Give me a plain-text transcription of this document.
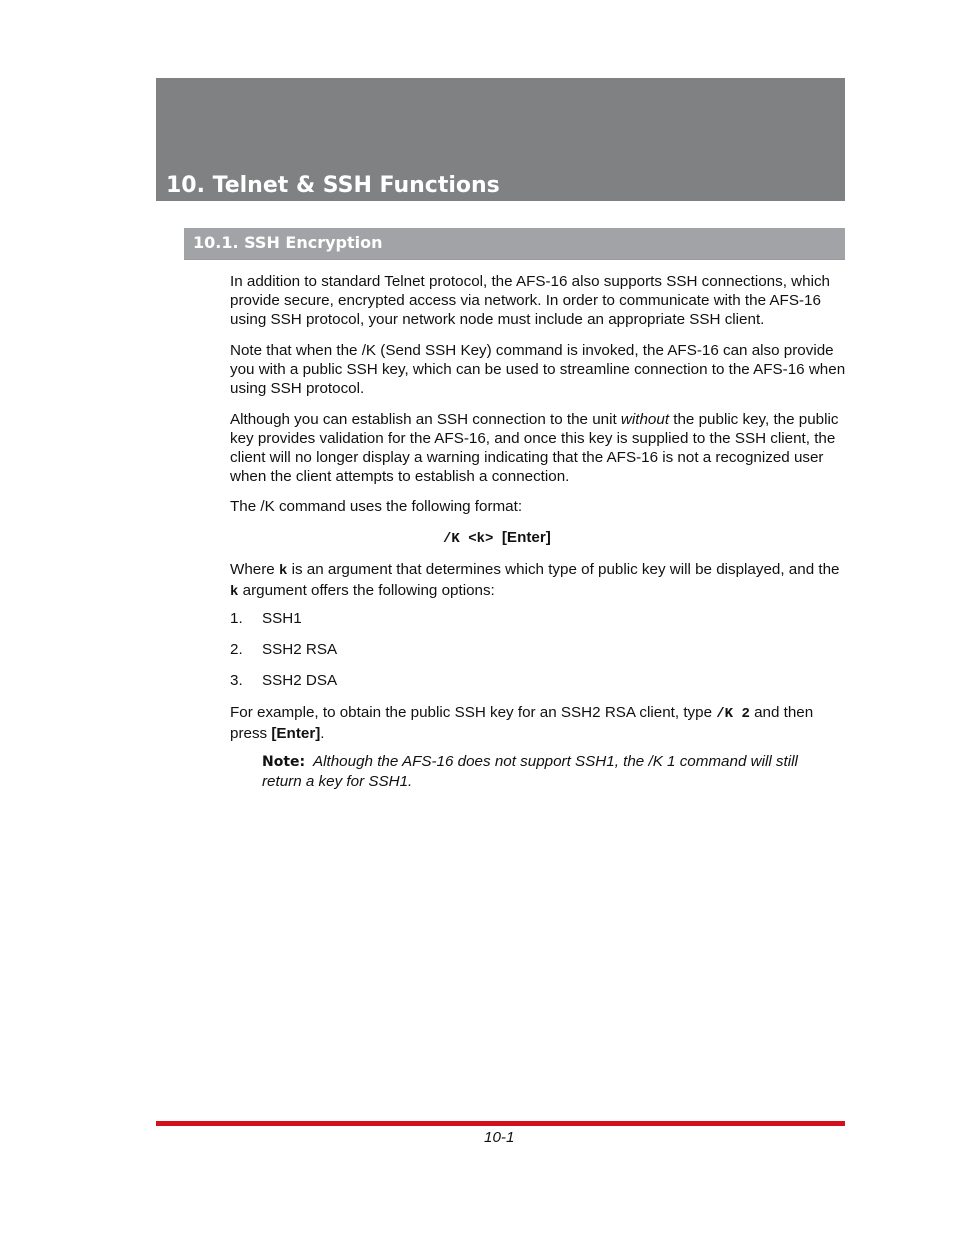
10. Telnet & SSH Functions
10.1. SSH Encryption

In addition to standard Telnet protocol, the AFS-16 also supports SSH connections, which provide secure, encrypted access via network. In order to communicate with the AFS-16 using SSH protocol, your network node must include an appropriate SSH client.

Note that when the /K (Send SSH Key) command is invoked, the AFS-16 can also provide you with a public SSH key, which can be used to streamline connection to the AFS-16 when using SSH protocol.

Although you can establish an SSH connection to the unit without the public key, the public key provides validation for the AFS-16, and once this key is supplied to the SSH client, the client will no longer display a warning indicating that the AFS-16 is not a recognized user when the client attempts to establish a connection.

The /K command uses the following format:

/K <k> [Enter]

Where k is an argument that determines which type of public key will be displayed, and the k argument offers the following options:

1. SSH1

2. SSH2 RSA

3. SSH2 DSA

For example, to obtain the public SSH key for an SSH2 RSA client, type /K 2 and then press [Enter].

Note: Although the AFS-16 does not support SSH1, the /K 1 command will still return a key for SSH1.

10-1
